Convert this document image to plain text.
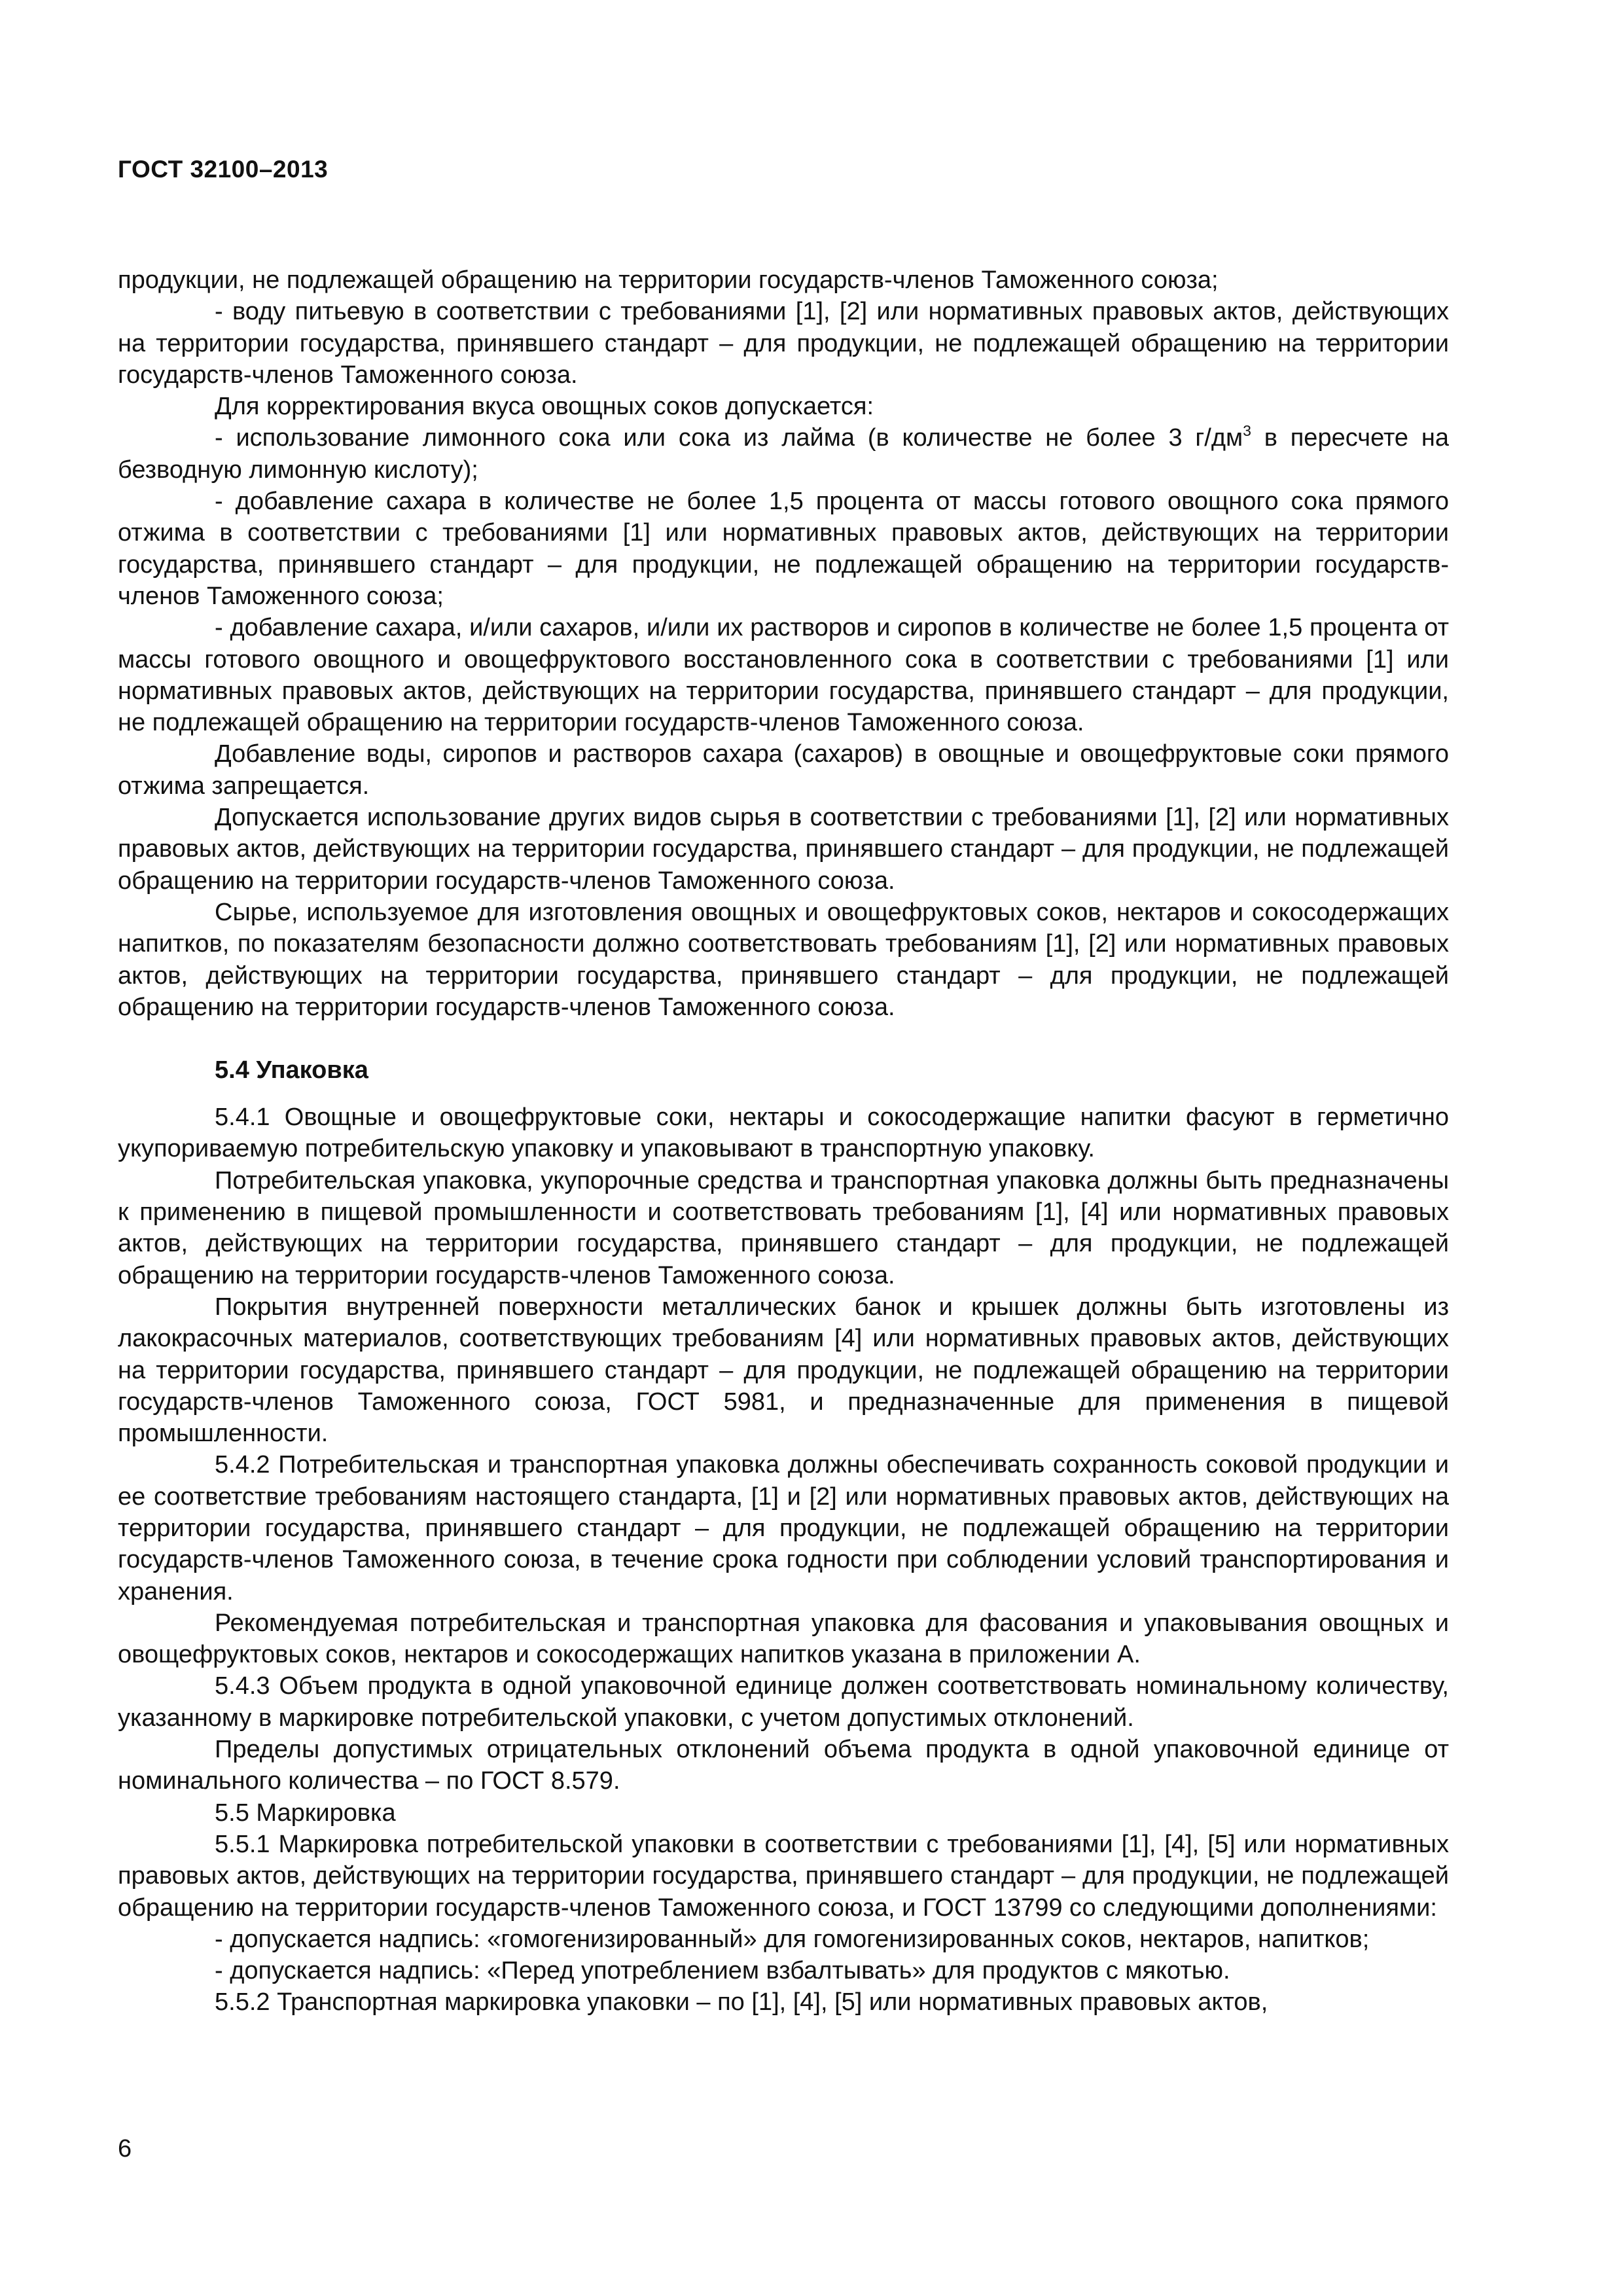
ГОСТ 32100–2013

продукции, не подлежащей обращению на территории государств-членов Таможенного союза;

- воду питьевую в соответствии с требованиями [1], [2] или нормативных правовых актов, действующих на территории государства, принявшего стандарт – для продукции, не подлежащей обращению на территории государств-членов Таможенного союза.

Для корректирования вкуса овощных соков допускается:

- использование лимонного сока или сока из лайма (в количестве не более 3 $г/дм^3$ в пересчете на безводную лимонную кислоту);

- добавление сахара в количестве не более 1,5 процента от массы готового овощного сока прямого отжима в соответствии с требованиями [1] или нормативных правовых актов, действующих на территории государства, принявшего стандарт – для продукции, не подлежащей обращению на территории государств-членов Таможенного союза;

- добавление сахара, и/или сахаров, и/или их растворов и сиропов в количестве не более 1,5 процента от массы готового овощного и овощефруктового восстановленного сока в соответствии с требованиями [1] или нормативных правовых актов, действующих на территории государства, принявшего стандарт – для продукции, не подлежащей обращению на территории государств-членов Таможенного союза.

Добавление воды, сиропов и растворов сахара (сахаров) в овощные и овощефруктовые соки прямого отжима запрещается.

Допускается использование других видов сырья в соответствии с требованиями [1], [2] или нормативных правовых актов, действующих на территории государства, принявшего стандарт – для продукции, не подлежащей обращению на территории государств-членов Таможенного союза.

Сырье, используемое для изготовления овощных и овощефруктовых соков, нектаров и сокосодержащих напитков, по показателям безопасности должно соответствовать требованиям [1], [2] или нормативных правовых актов, действующих на территории государства, принявшего стандарт – для продукции, не подлежащей обращению на территории государств-членов Таможенного союза.

5.4 Упаковка

5.4.1 Овощные и овощефруктовые соки, нектары и сокосодержащие напитки фасуют в герметично укупориваемую потребительскую упаковку и упаковывают в транспортную упаковку.

Потребительская упаковка, укупорочные средства и транспортная упаковка должны быть предназначены к применению в пищевой промышленности и соответствовать требованиям [1], [4] или нормативных правовых актов, действующих на территории государства, принявшего стандарт – для продукции, не подлежащей обращению на территории государств-членов Таможенного союза.

Покрытия внутренней поверхности металлических банок и крышек должны быть изготовлены из лакокрасочных материалов, соответствующих требованиям [4] или нормативных правовых актов, действующих на территории государства, принявшего стандарт – для продукции, не подлежащей обращению на территории государств-членов Таможенного союза, ГОСТ 5981, и предназначенные для применения в пищевой промышленности.

5.4.2 Потребительская и транспортная упаковка должны обеспечивать сохранность соковой продукции и ее соответствие требованиям настоящего стандарта, [1] и [2] или нормативных правовых актов, действующих на территории государства, принявшего стандарт – для продукции, не подлежащей обращению на территории государств-членов Таможенного союза, в течение срока годности при соблюдении условий транспортирования и хранения.

Рекомендуемая потребительская и транспортная упаковка для фасования и упаковывания овощных и овощефруктовых соков, нектаров и сокосодержащих напитков указана в приложении А.

5.4.3 Объем продукта в одной упаковочной единице должен соответствовать номинальному количеству, указанному в маркировке потребительской упаковки, с учетом допустимых отклонений.

Пределы допустимых отрицательных отклонений объема продукта в одной упаковочной единице от номинального количества – по ГОСТ 8.579.

5.5 Маркировка

5.5.1 Маркировка потребительской упаковки в соответствии с требованиями [1], [4], [5] или нормативных правовых актов, действующих на территории государства, принявшего стандарт – для продукции, не подлежащей обращению на территории государств-членов Таможенного союза, и ГОСТ 13799 со следующими дополнениями:

- допускается надпись: «гомогенизированный» для гомогенизированных соков, нектаров, напитков;

- допускается надпись: «Перед употреблением взбалтывать» для продуктов с мякотью.

5.5.2 Транспортная маркировка упаковки – по [1], [4], [5] или нормативных правовых актов,

6
